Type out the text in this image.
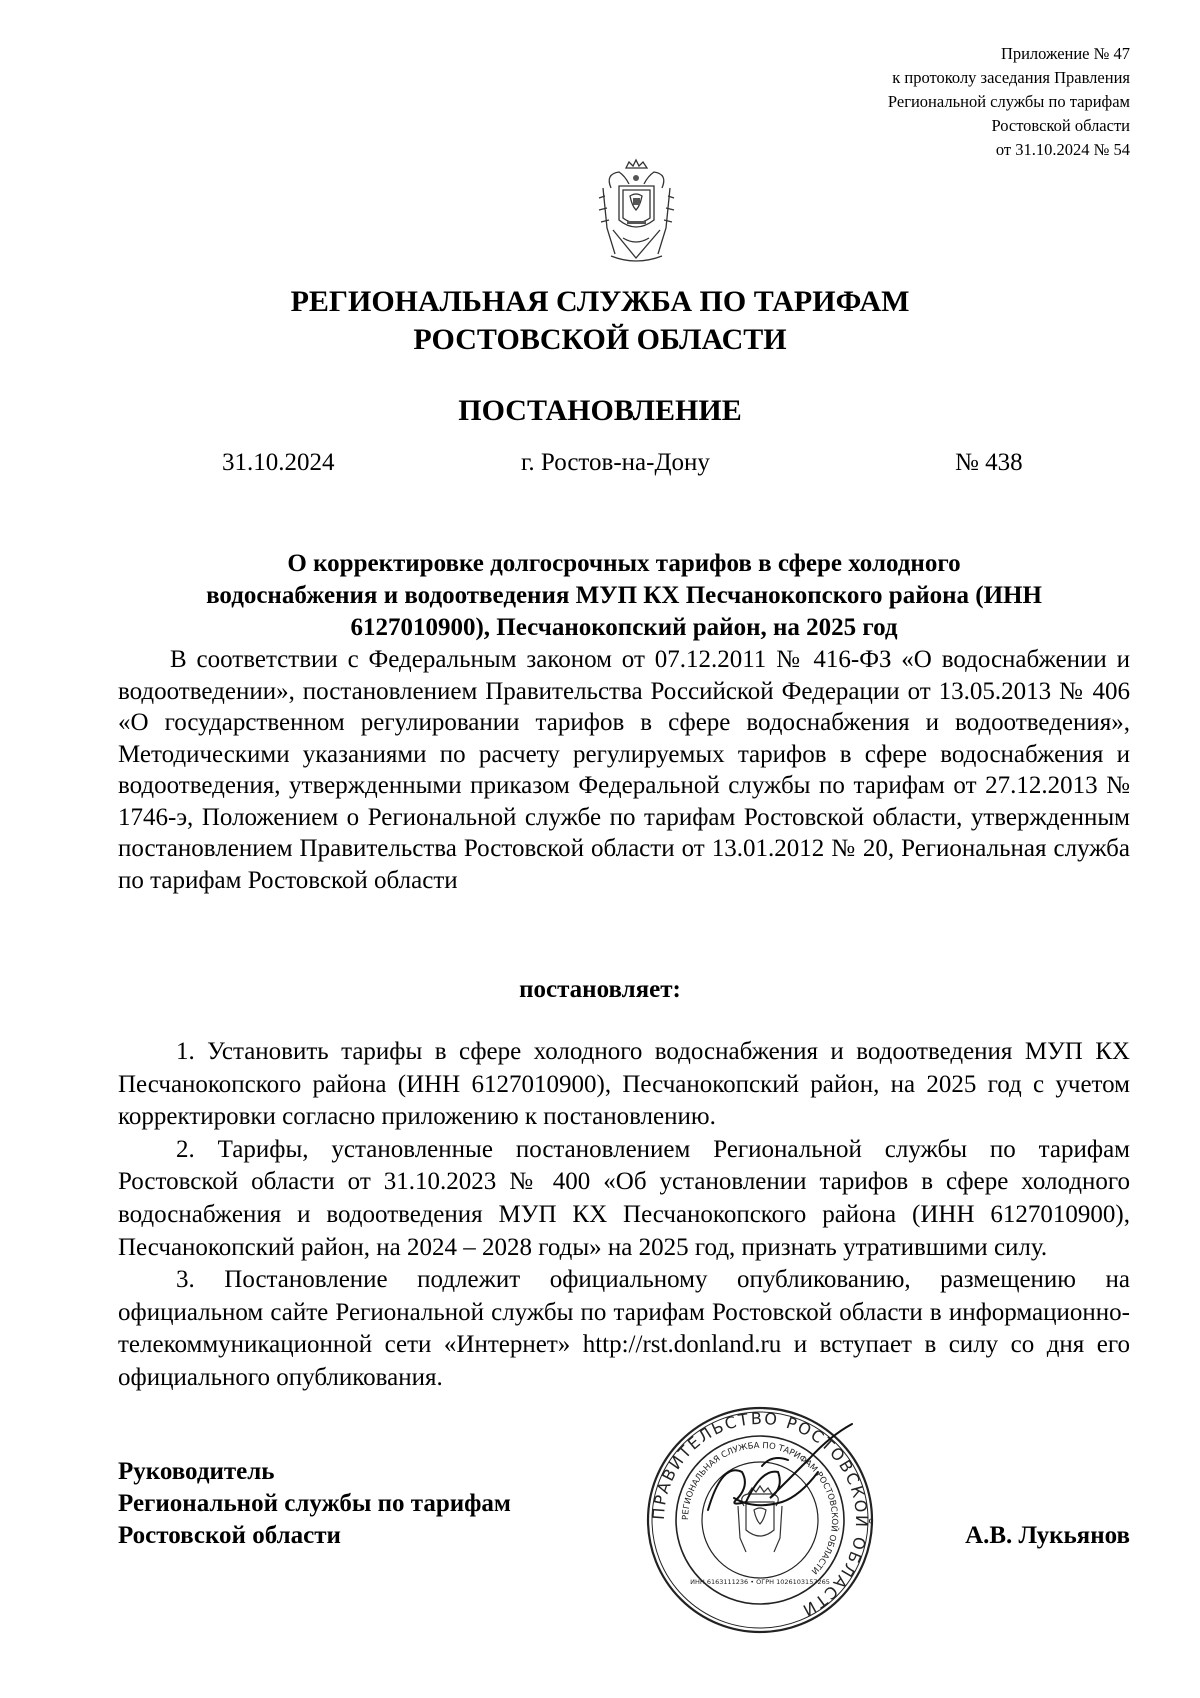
Приложение № 47
к протоколу заседания Правления
Региональной службы по тарифам
Ростовской области
от 31.10.2024 № 54
РЕГИОНАЛЬНАЯ СЛУЖБА ПО ТАРИФАМ
РОСТОВСКОЙ ОБЛАСТИ
ПОСТАНОВЛЕНИЕ
31.10.2024	г. Ростов-на-Дону	№ 438
О корректировке долгосрочных тарифов в сфере холодного
водоснабжения и водоотведения МУП КХ Песчанокопского района (ИНН
6127010900), Песчанокопский район, на 2025 год
В соответствии с Федеральным законом от 07.12.2011 № 416-ФЗ «О водоснабжении и водоотведении», постановлением Правительства Российской Федерации от 13.05.2013 № 406 «О государственном регулировании тарифов в сфере водоснабжения и водоотведения», Методическими указаниями по расчету регулируемых тарифов в сфере водоснабжения и водоотведения, утвержденными приказом Федеральной службы по тарифам от 27.12.2013 № 1746-э, Положением о Региональной службе по тарифам Ростовской области, утвержденным постановлением Правительства Ростовской области от 13.01.2012 № 20, Региональная служба по тарифам Ростовской области
постановляет:

1. Установить тарифы в сфере холодного водоснабжения и водоотведения МУП КХ Песчанокопского района (ИНН 6127010900), Песчанокопский район, на 2025 год с учетом корректировки согласно приложению к постановлению.

2. Тарифы, установленные постановлением Региональной службы по тарифам Ростовской области от 31.10.2023 № 400 «Об установлении тарифов в сфере холодного водоснабжения и водоотведения МУП КХ Песчанокопского района (ИНН 6127010900), Песчанокопский район, на 2024 – 2028 годы» на 2025 год, признать утратившими силу.

3. Постановление подлежит официальному опубликованию, размещению на официальном сайте Региональной службы по тарифам Ростовской области в информационно-телекоммуникационной сети «Интернет» http://rst.donland.ru и вступает в силу со дня его официального опубликования.

Руководитель
Региональной службы по тарифам
Ростовской области
ПРАВИТЕЛЬСТВО РОСТОВСКОЙ ОБЛАСТИ
РЕГИОНАЛЬНАЯ СЛУЖБА ПО ТАРИФАМ РОСТОВСКОЙ ОБЛАСТИ
ИНН 6163111236 • ОГРН 1026103157265
А.В. Лукьянов
